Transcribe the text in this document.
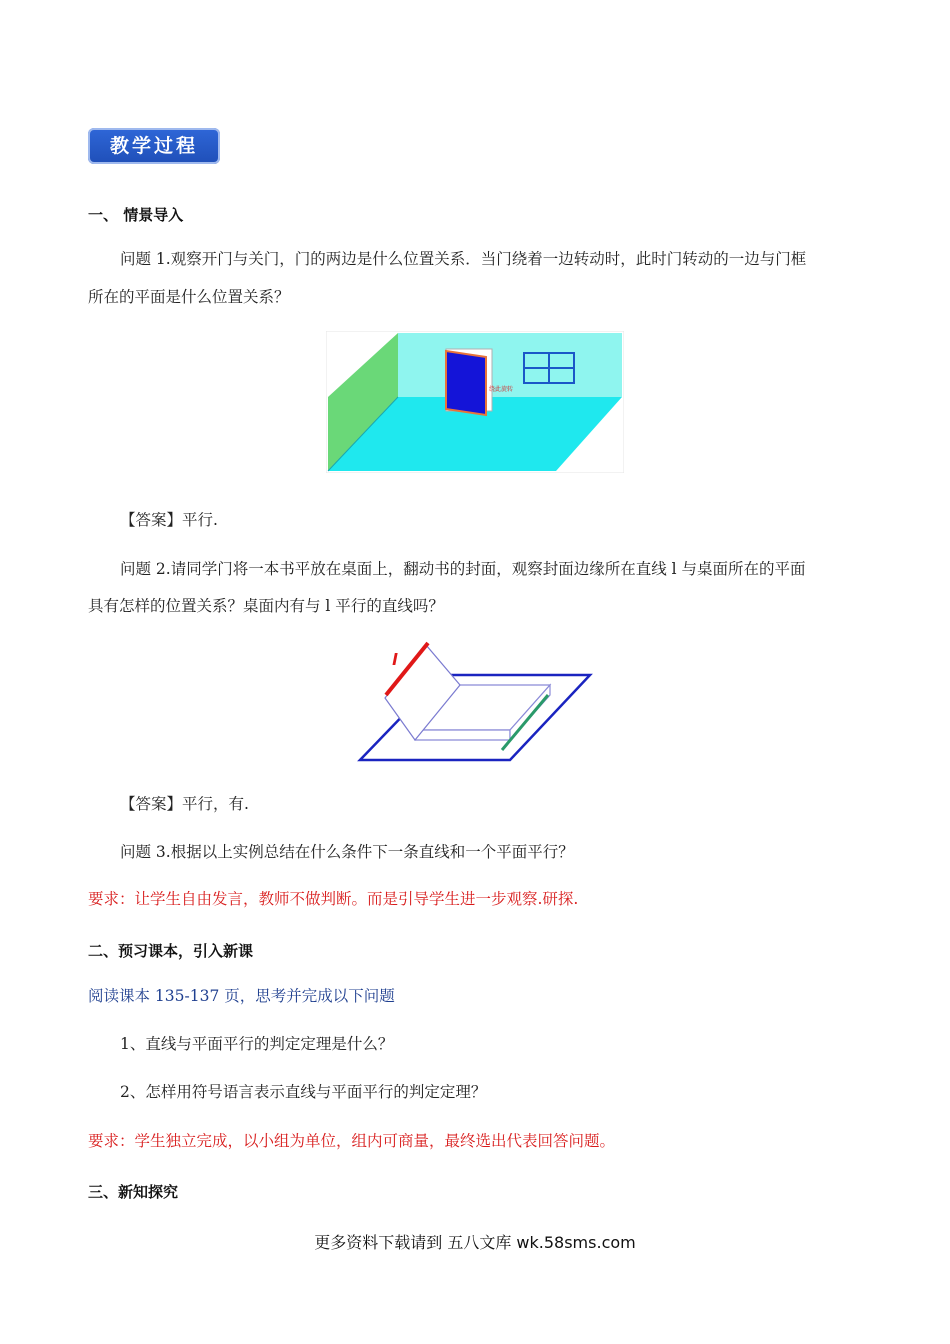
教学过程
一、 情景导入
问题 1.观察开门与关门，门的两边是什么位置关系．当门绕着一边转动时，此时门转动的一边与门框
所在的平面是什么位置关系？
绕此旋转
【答案】平行.
问题 2.请同学门将一本书平放在桌面上，翻动书的封面，观察封面边缘所在直线 l 与桌面所在的平面
具有怎样的位置关系？桌面内有与 l 平行的直线吗？
l
【答案】平行，有.
问题 3.根据以上实例总结在什么条件下一条直线和一个平面平行？
要求：让学生自由发言，教师不做判断。而是引导学生进一步观察.研探.
二、预习课本，引入新课
阅读课本 135-137 页，思考并完成以下问题
1、直线与平面平行的判定定理是什么？
2、怎样用符号语言表示直线与平面平行的判定定理？
要求：学生独立完成，以小组为单位，组内可商量，最终选出代表回答问题。
三、新知探究
更多资料下载请到 五八文库 wk.58sms.com
